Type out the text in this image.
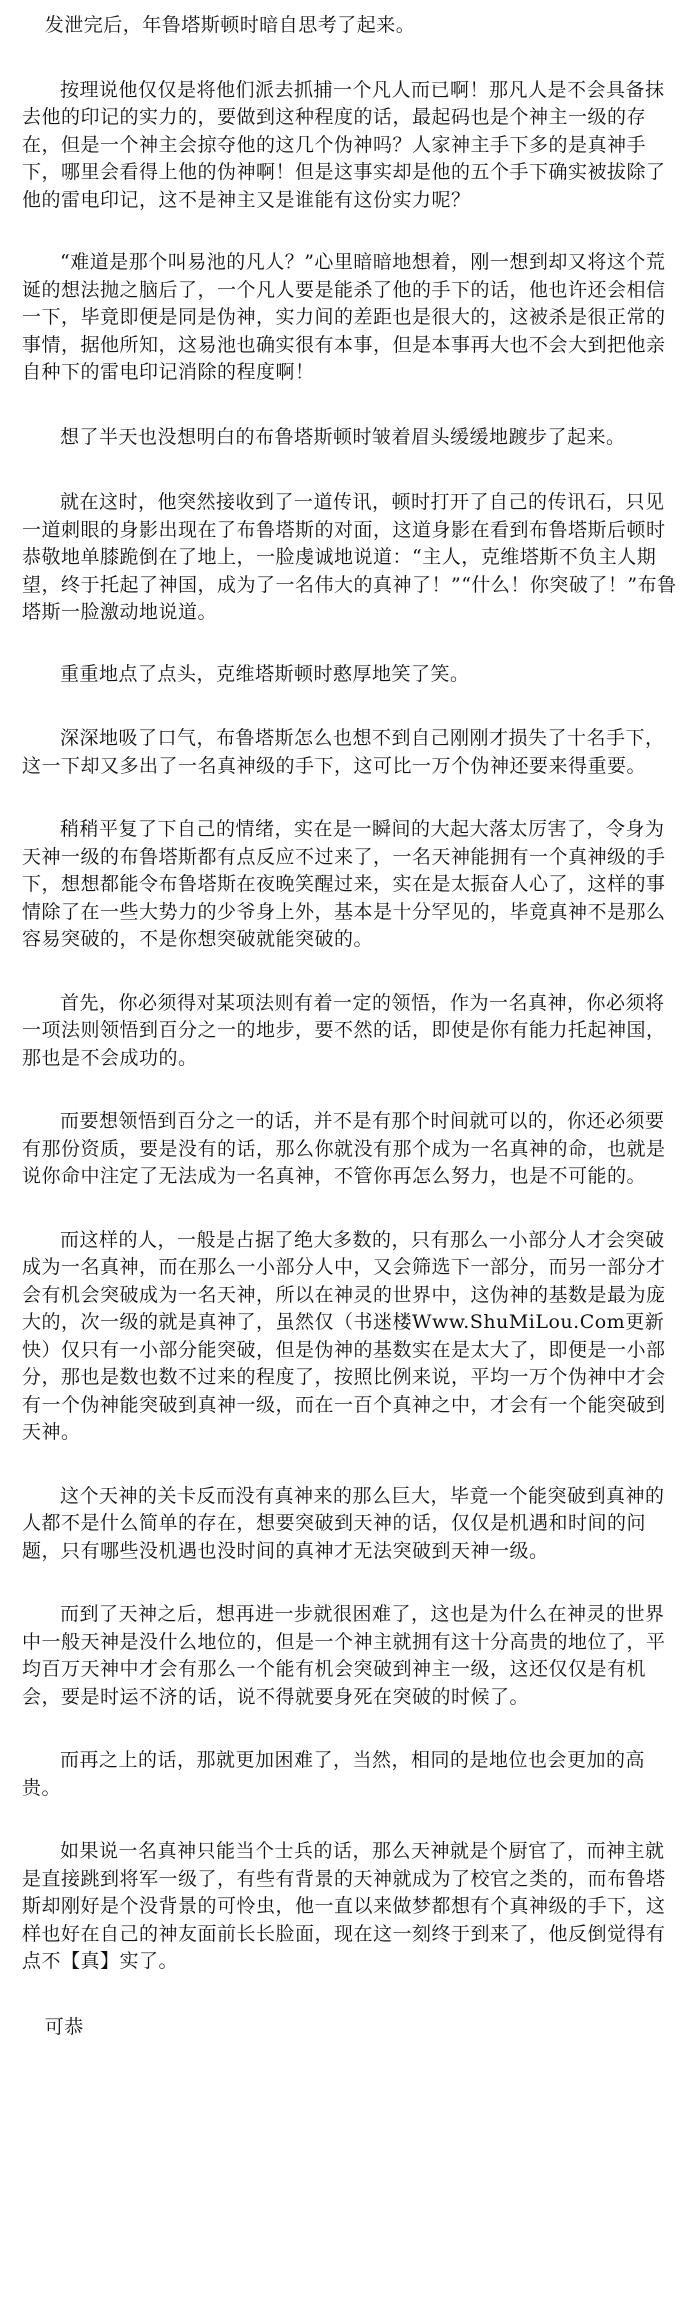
发泄完后，年鲁塔斯顿时暗自思考了起来。

按理说他仅仅是将他们派去抓捕一个凡人而已啊！那凡人是不会具备抹去他的印记的实力的，要做到这种程度的话，最起码也是个神主一级的存在，但是一个神主会掠夺他的这几个伪神吗？人家神主手下多的是真神手下，哪里会看得上他的伪神啊！但是这事实却是他的五个手下确实被拔除了他的雷电印记，这不是神主又是谁能有这份实力呢？

“难道是那个叫易池的凡人？”心里暗暗地想着，刚一想到却又将这个荒诞的想法抛之脑后了，一个凡人要是能杀了他的手下的话，他也许还会相信一下，毕竟即便是同是伪神，实力间的差距也是很大的，这被杀是很正常的事情，据他所知，这易池也确实很有本事，但是本事再大也不会大到把他亲自种下的雷电印记消除的程度啊！

想了半天也没想明白的布鲁塔斯顿时皱着眉头缓缓地踱步了起来。

就在这时，他突然接收到了一道传讯，顿时打开了自己的传讯石，只见一道刺眼的身影出现在了布鲁塔斯的对面，这道身影在看到布鲁塔斯后顿时恭敬地单膝跪倒在了地上，一脸虔诚地说道：“主人，克维塔斯不负主人期望，终于托起了神国，成为了一名伟大的真神了！”“什么！你突破了！”布鲁塔斯一脸激动地说道。

重重地点了点头，克维塔斯顿时憨厚地笑了笑。

深深地吸了口气，布鲁塔斯怎么也想不到自己刚刚才损失了十名手下，这一下却又多出了一名真神级的手下，这可比一万个伪神还要来得重要。

稍稍平复了下自己的情绪，实在是一瞬间的大起大落太厉害了，令身为天神一级的布鲁塔斯都有点反应不过来了，一名天神能拥有一个真神级的手下，想想都能令布鲁塔斯在夜晚笑醒过来，实在是太振奋人心了，这样的事情除了在一些大势力的少爷身上外，基本是十分罕见的，毕竟真神不是那么容易突破的，不是你想突破就能突破的。

首先，你必须得对某项法则有着一定的领悟，作为一名真神，你必须将一项法则领悟到百分之一的地步，要不然的话，即使是你有能力托起神国，那也是不会成功的。

而要想领悟到百分之一的话，并不是有那个时间就可以的，你还必须要有那份资质，要是没有的话，那么你就没有那个成为一名真神的命，也就是说你命中注定了无法成为一名真神，不管你再怎么努力，也是不可能的。

而这样的人，一般是占据了绝大多数的，只有那么一小部分人才会突破成为一名真神，而在那么一小部分人中，又会筛选下一部分，而另一部分才会有机会突破成为一名天神，所以在神灵的世界中，这伪神的基数是最为庞大的，次一级的就是真神了，虽然仅（书迷楼Www.ShuMiLou.Com更新快）仅只有一小部分能突破，但是伪神的基数实在是太大了，即便是一小部分，那也是数也数不过来的程度了，按照比例来说，平均一万个伪神中才会有一个伪神能突破到真神一级，而在一百个真神之中，才会有一个能突破到天神。

这个天神的关卡反而没有真神来的那么巨大，毕竟一个能突破到真神的人都不是什么简单的存在，想要突破到天神的话，仅仅是机遇和时间的问题，只有哪些没机遇也没时间的真神才无法突破到天神一级。

而到了天神之后，想再进一步就很困难了，这也是为什么在神灵的世界中一般天神是没什么地位的，但是一个神主就拥有这十分高贵的地位了，平均百万天神中才会有那么一个能有机会突破到神主一级，这还仅仅是有机会，要是时运不济的话，说不得就要身死在突破的时候了。

而再之上的话，那就更加困难了，当然，相同的是地位也会更加的高贵。

如果说一名真神只能当个士兵的话，那么天神就是个厨官了，而神主就是直接跳到将军一级了，有些有背景的天神就成为了校官之类的，而布鲁塔斯却刚好是个没背景的可怜虫，他一直以来做梦都想有个真神级的手下，这样也好在自己的神友面前长长脸面，现在这一刻终于到来了，他反倒觉得有点不【真】实了。

可恭
